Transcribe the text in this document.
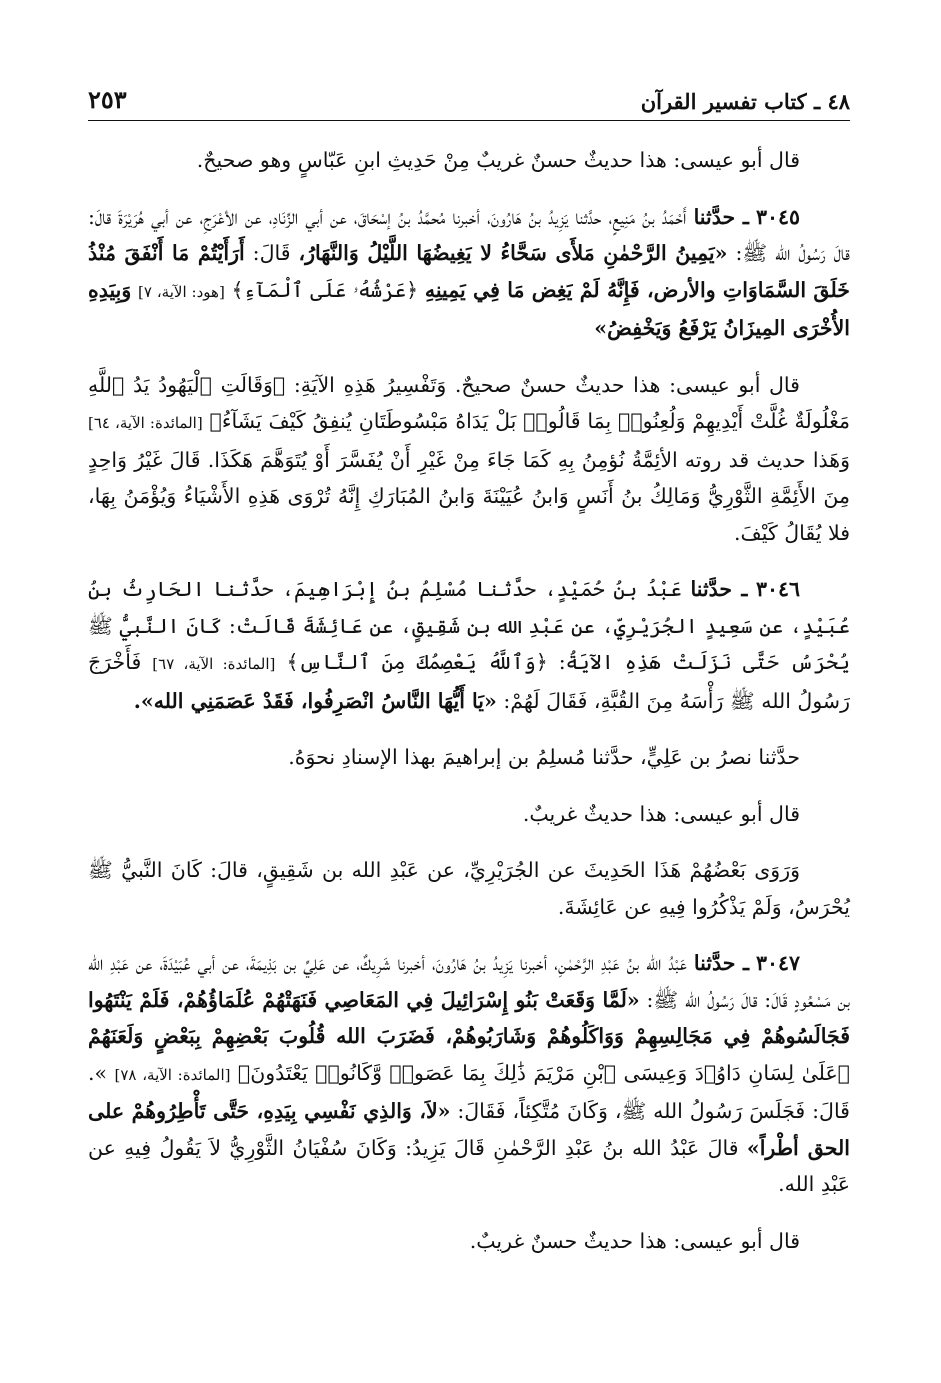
٢٥٣	٤٨ ـ كتاب تفسير القرآن

قال أبو عيسى: هذا حديثٌ حسنٌ غريبٌ مِنْ حَدِيثِ ابنِ عَبّاسٍ وهو صحيحٌ.

٣٠٤٥ ـ حدَّثنا أَحْمَدُ بنُ مَنِيعٍ، حدَّثنا يَزِيدُ بنُ هَارُونَ، أخبرنا مُحمَّدُ بنُ إسْحَاقَ، عن أبي الزِّنَادِ، عن الأعْرَجِ، عن أبي هُرَيْرَةَ قالَ: قالَ رَسُولُ الله ﷺ: «يَمِينُ الرَّحْمٰنِ مَلأَى سَحَّاءُ لا يَغِيضُهَا اللَّيْلُ وَالنَّهَارُ، قَالَ: أَرَأَيْتُمْ مَا أَنْفَقَ مُنْذُ خَلَقَ السَّمَاوَاتِ والأرض، فَإِنَّهُ لَمْ يَغِض مَا فِي يَمِينِهِ ﴿عَرْشُهُۥ عَلَى ٱلْمَآءِ﴾ [هود: الآية، ٧] وَبِيَدِهِ الأُخْرَى المِيزَانُ يَرْفَعُ وَيَخْفِضُ»

قال أبو عيسى: هذا حديثٌ حسنٌ صحيحٌ. وَتَفْسِيرُ هَذِهِ الآيَةِ: ﴿وَقَالَتِ ٱلْيَهُودُ يَدُ ٱللَّهِ مَغْلُولَةٌ غُلَّتْ أَيْدِيهِمْ وَلُعِنُوا۟ بِمَا قَالُوا۟ بَلْ يَدَاهُ مَبْسُوطَتَانِ يُنفِقُ كَيْفَ يَشَآءُ﴾ [المائدة: الآية، ٦٤] وَهَذا حديث قد روته الأئِمَّةُ نُؤمِنُ بِهِ كَمَا جَاءَ مِنْ غَيْرِ أَنْ يُفَسَّرَ أَوْ يُتَوَهَّمَ هَكَذَا. قَالَ غَيْرُ وَاحِدٍ مِنَ الأَئِمَّةِ الثَّوْرِيُّ وَمَالِكُ بنُ أَنَسٍ وَابنُ عُيَيْنَةَ وَابنُ المُبَارَكِ إِنَّهُ تُرْوَى هَذِهِ الأَشْيَاءُ وَيُؤْمَنُ بِهَا، فلا يُقَالُ كَيْفَ.

٣٠٤٦ ـ حدَّثنا عَبْدُ بنُ حُمَيْدٍ، حدَّثنا مُسْلِمُ بنُ إِبْرَاهِيمَ، حدَّثنا الحَارِثُ بنُ عُبَيْدٍ، عن سَعِيدٍ الجُرَيْرِيِّ، عن عَبْدِ الله بن شَقِيقٍ، عن عَائِشَةَ قَالَتْ: كَانَ النَّبيُّ ﷺ يُحْرَسُ حَتَّى نَزَلَتْ هَذِهِ الآيَةُ: ﴿وَٱللَّهُ يَعْصِمُكَ مِنَ ٱلنَّاسِ﴾ [المائدة: الآية، ٦٧] فَأَخْرَجَ رَسُولُ الله ﷺ رَأْسَهُ مِنَ القُبَّةِ، فَقَالَ لَهُمْ: «يَا أَيُّهَا النَّاسُ انْصَرِفُوا، فَقَدْ عَصَمَنِي الله».

حدَّثنا نصرُ بن عَلِيٍّ، حدَّثنا مُسلِمُ بن إبراهيمَ بهذا الإسنادِ نحوَهُ.

قال أبو عيسى: هذا حديثٌ غريبٌ.

وَرَوَى بَعْضُهُمْ هَذَا الحَدِيثَ عن الجُرَيْرِيِّ، عن عَبْدِ الله بن شَقِيقٍ، قالَ: كَانَ النَّبيُّ ﷺ يُحْرَسُ، وَلَمْ يَذْكُرُوا فِيهِ عن عَائِشَةَ.

٣٠٤٧ ـ حدَّثنا عَبْدُ الله بنُ عَبْدِ الرَّحْمٰنِ، أخبرنا يَزِيدُ بنُ هَارُونَ، أخبرنا شَرِيكٌ، عن عَلِيِّ بن بَذِيمَةَ، عن أبي عُبَيْدَةَ، عن عَبْدِ الله بن مَسْعُودٍ قَالَ: قالَ رَسُولُ الله ﷺ: «لَمَّا وَقَعَتْ بَنُو إِسْرَائِيلَ فِي المَعَاصِي فَنَهَتْهُمْ عُلَمَاؤُهُمْ، فَلَمْ يَنْتَهُوا فَجَالَسُوهُمْ فِي مَجَالِسِهِمْ وَوَاكَلُوهُمْ وَشَارَبُوهُمْ، فَضَرَبَ الله قُلُوبَ بَعْضِهِمْ بِبَعْضٍ وَلَعَنَهُمْ ﴿عَلَىٰ لِسَانِ دَاوُۥدَ وَعِيسَى ٱبْنِ مَرْيَمَ ذَٰلِكَ بِمَا عَصَوا۟ وَّكَانُوا۟ يَعْتَدُونَ﴾ [المائدة: الآية، ٧٨] ». قَالَ: فَجَلَسَ رَسُولُ الله ﷺ، وَكَانَ مُتَّكِئاً، فَقَالَ: «لاَ، وَالذِي نَفْسِي بِيَدِهِ، حَتَّى تَأْطِرُوهُمْ على الحق أطْراً» قالَ عَبْدُ الله بنُ عَبْدِ الرَّحْمٰنِ قَالَ يَزِيدُ: وَكَانَ سُفْيَانُ الثَّوْرِيُّ لاَ يَقُولُ فِيهِ عن عَبْدِ الله.

قال أبو عيسى: هذا حديثٌ حسنٌ غريبٌ.
